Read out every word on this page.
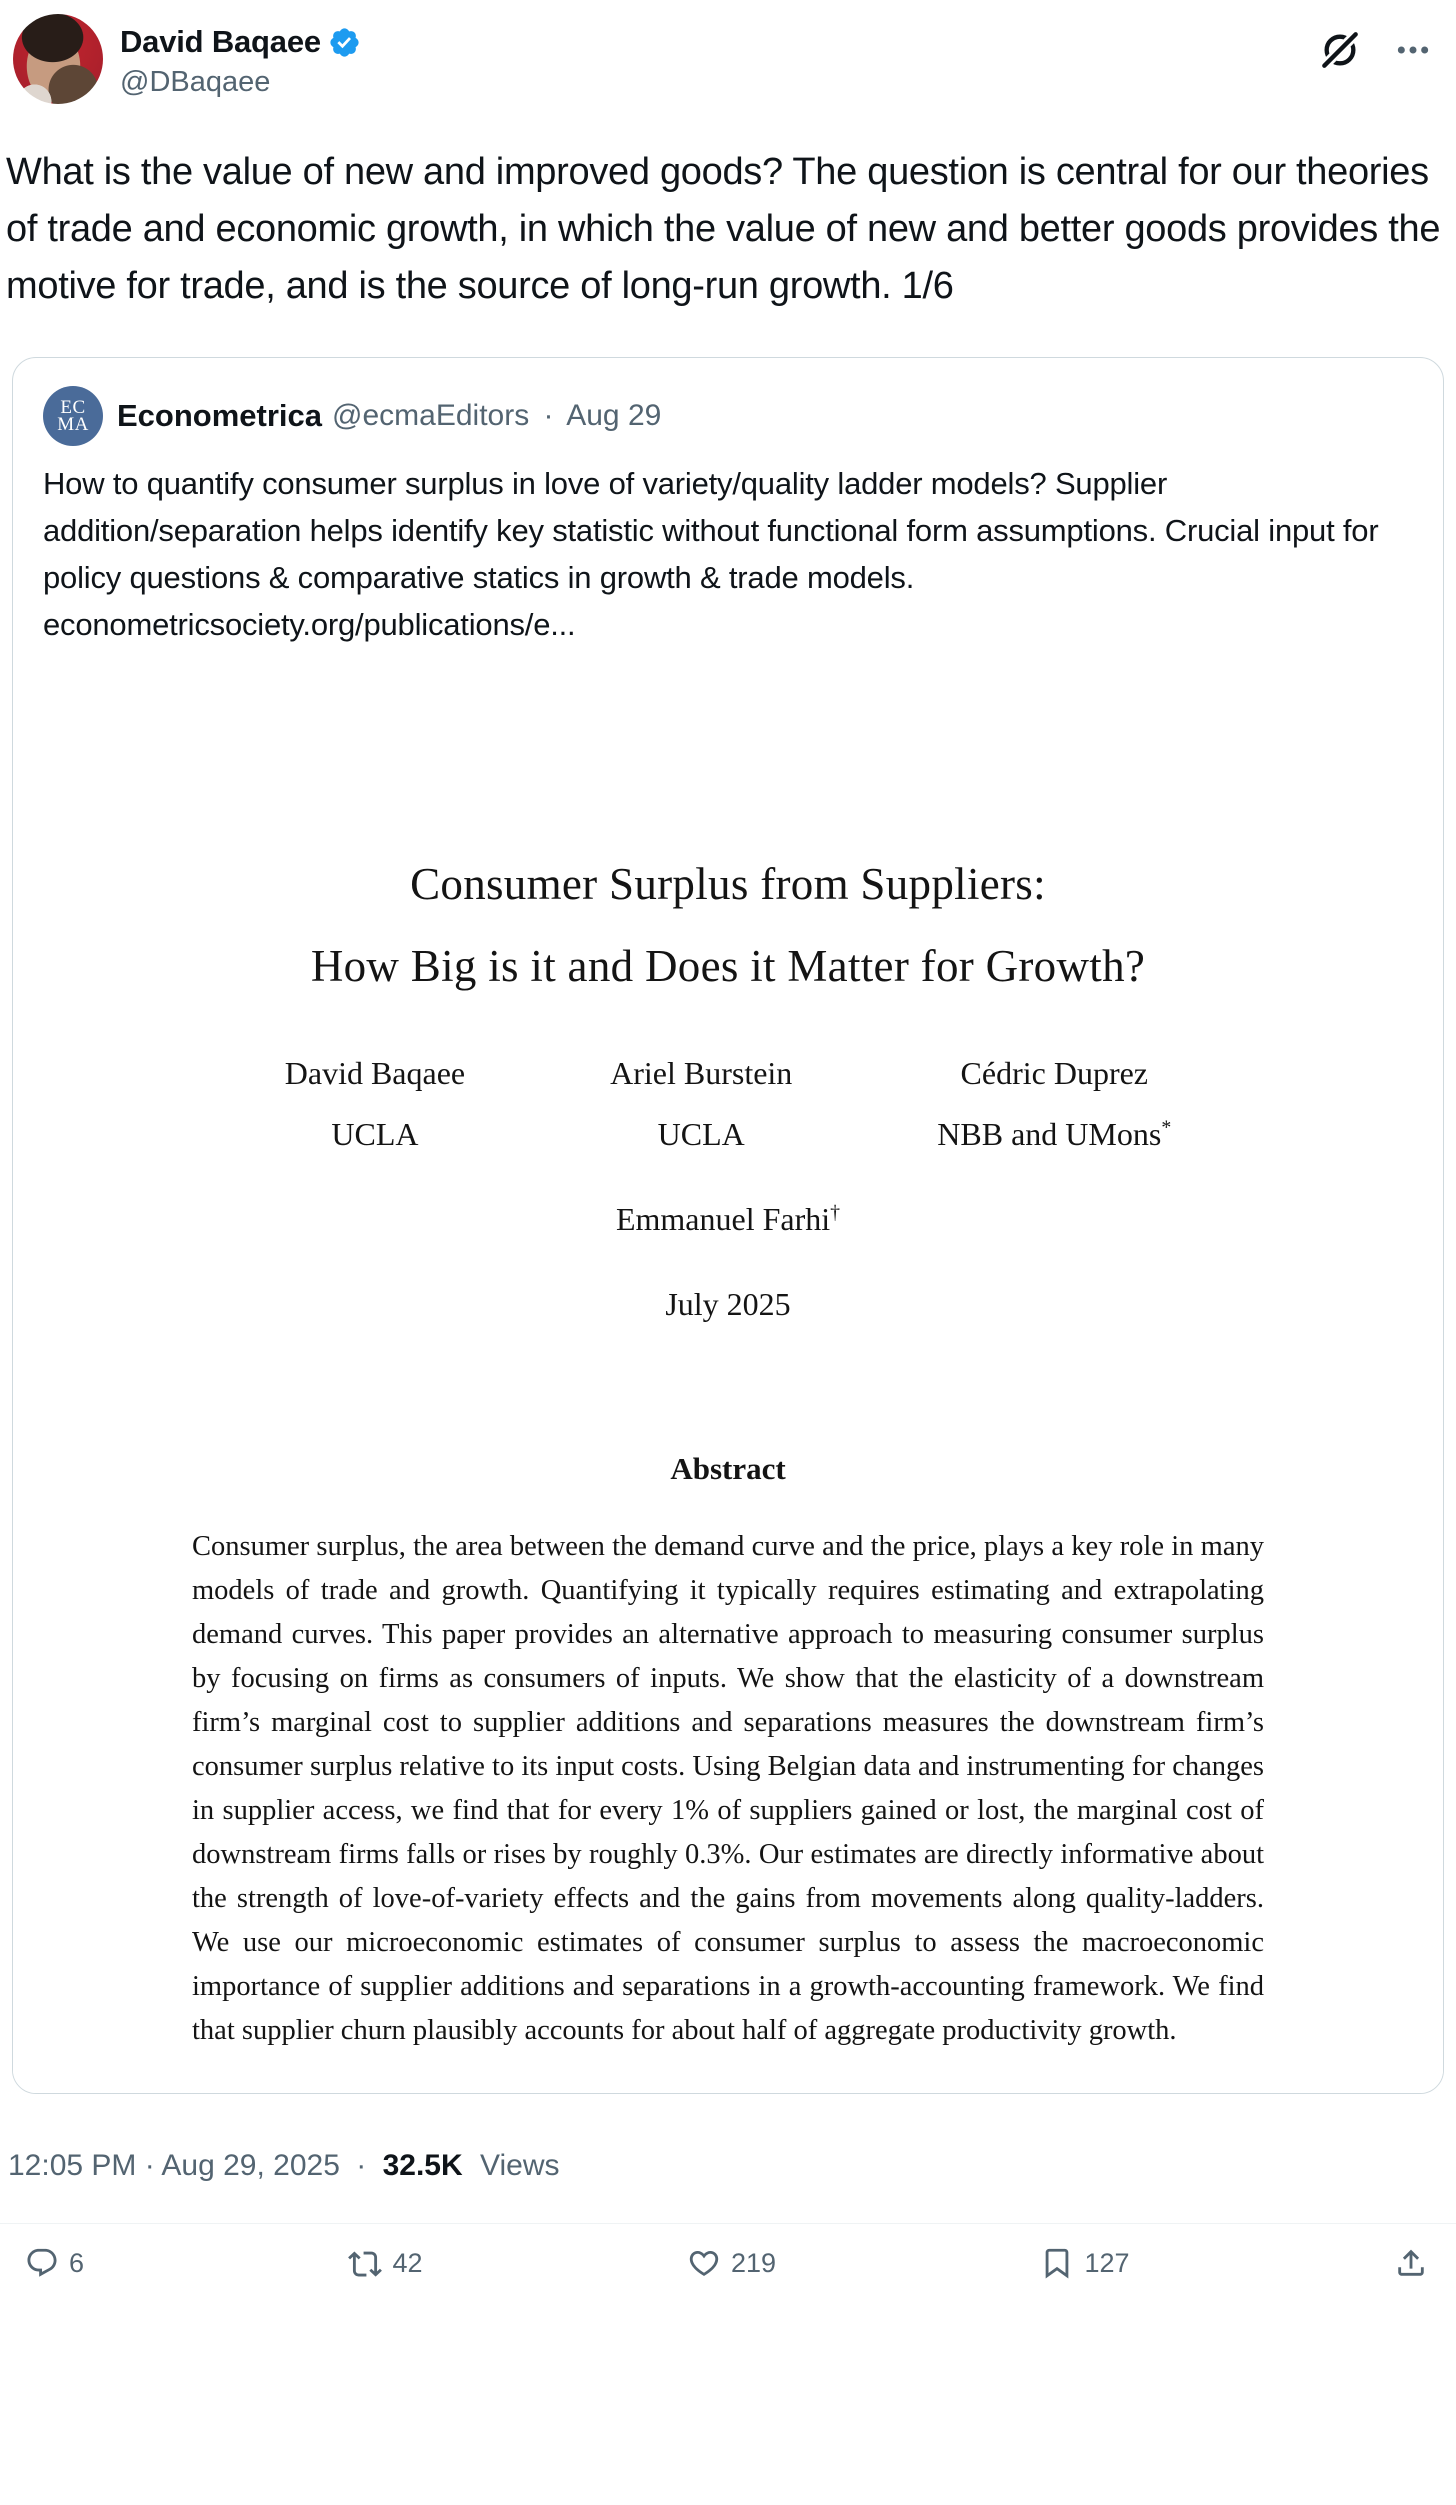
David Baqaee
@DBaqaee
What is the value of new and improved goods? The question is central for our theories of trade and economic growth, in which the value of new and better goods provides the motive for trade, and is the source of long-run growth. 1/6
EC
MA Econometrica @ecmaEditors · Aug 29
How to quantify consumer surplus in love of variety/quality ladder models? Supplier addition/separation helps identify key statistic without functional form assumptions. Crucial input for policy questions & comparative statics in growth & trade models. econometricsociety.org/publications/e...
Consumer Surplus from Suppliers:
How Big is it and Does it Matter for Growth?
David Baqaee
UCLA
Ariel Burstein
UCLA
Cédric Duprez
NBB and UMons*
Emmanuel Farhi†
July 2025
Abstract
Consumer surplus, the area between the demand curve and the price, plays a key role in many models of trade and growth. Quantifying it typically requires estimating and extrapolating demand curves. This paper provides an alternative approach to measuring consumer surplus by focusing on firms as consumers of inputs. We show that the elasticity of a downstream firm’s marginal cost to supplier additions and separations measures the downstream firm’s consumer surplus relative to its input costs. Using Belgian data and instrumenting for changes in supplier access, we find that for every 1% of suppliers gained or lost, the marginal cost of downstream firms falls or rises by roughly 0.3%. Our estimates are directly informative about the strength of love-of-variety effects and the gains from movements along quality-ladders. We use our microeconomic estimates of consumer surplus to assess the macroeconomic importance of supplier additions and separations in a growth-accounting framework. We find that supplier churn plausibly accounts for about half of aggregate productivity growth.
12:05 PM · Aug 29, 2025 · 32.5K Views
6	42	219	127
